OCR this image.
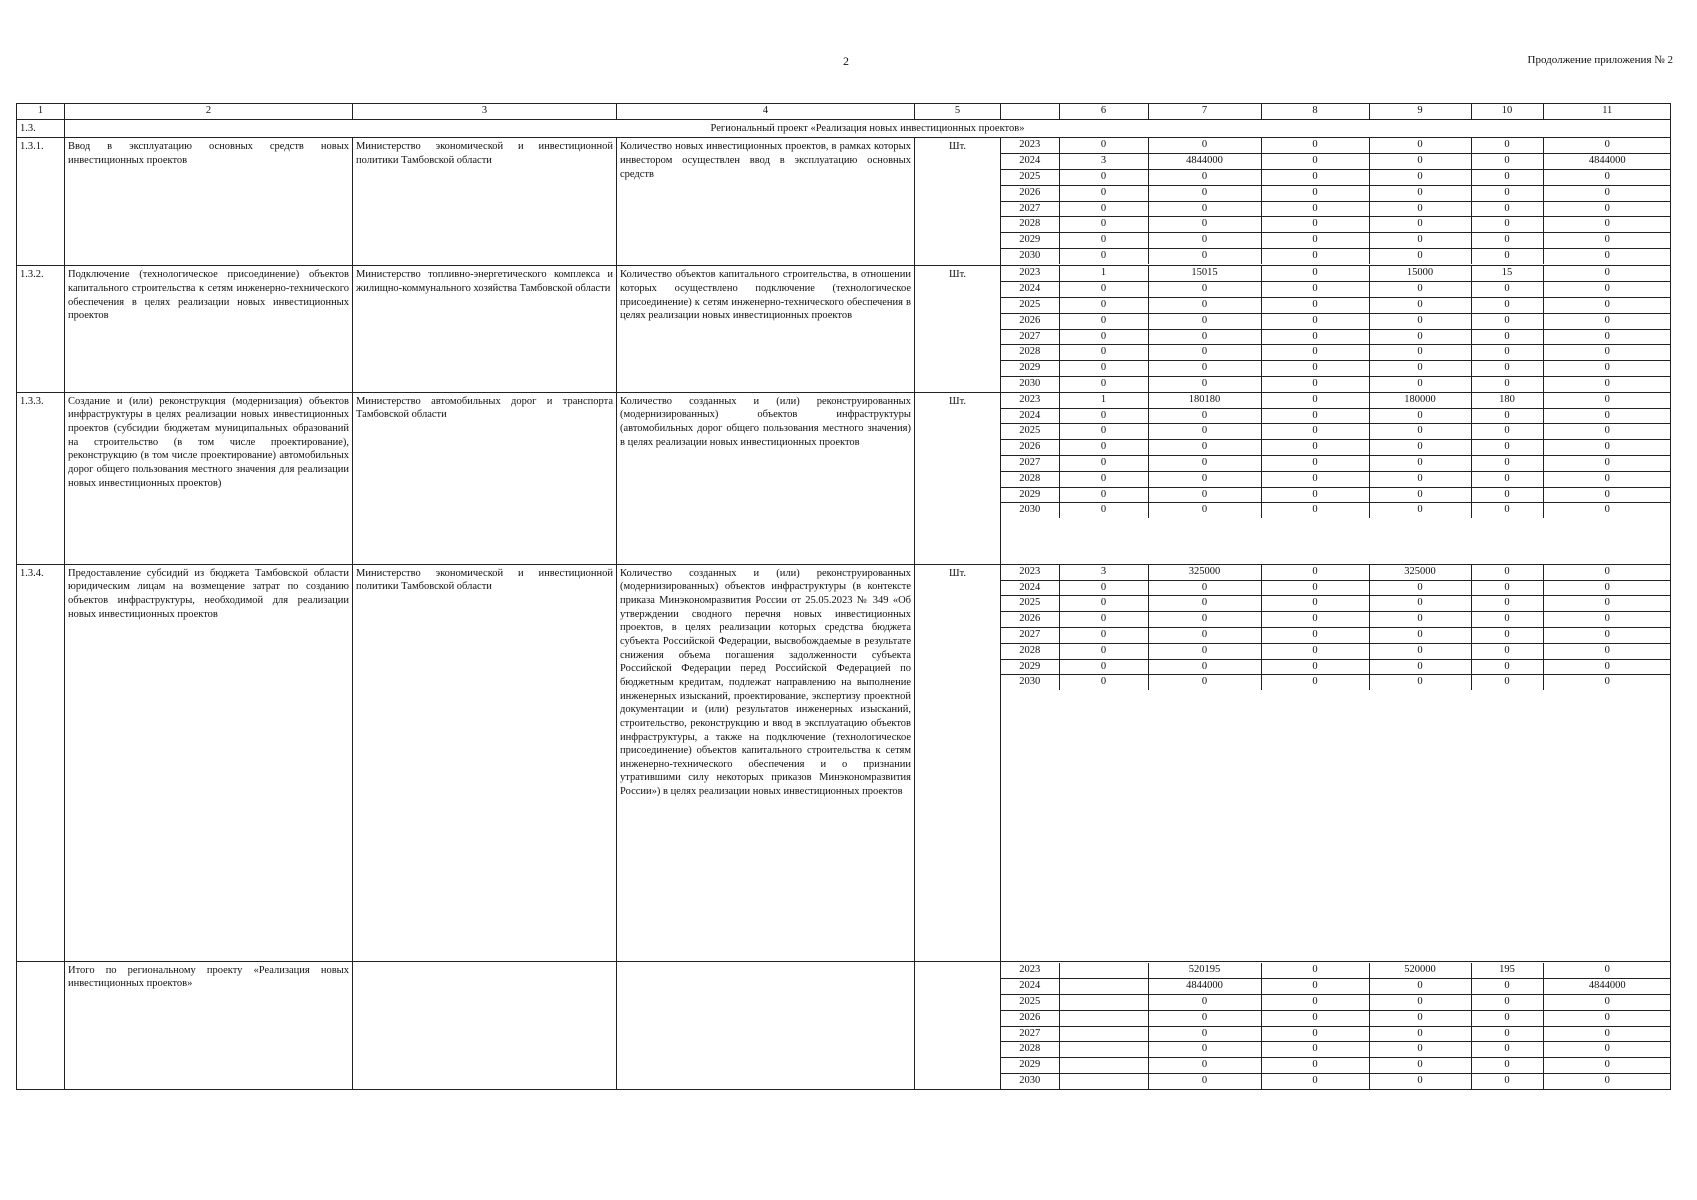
2	Продолжение приложения № 2
1	2	3	4	5	
		6	7	8	9	10	11

1.3.	Региональный проект «Реализация новых инвестиционных проектов»
1.3.1.	Ввод в эксплуатацию основных средств новых инвестиционных проектов	Министерство экономической и инвестиционной политики Тамбовской области	Количество новых инвестиционных проектов, в рамках которых инвестором осуществлен ввод в эксплуатацию основных средств	Шт.		2023	0	0	0	0	0	0
2024	3	4844000	0	0	0	4844000
2025	0	0	0	0	0	0
2026	0	0	0	0	0	0
2027	0	0	0	0	0	0
2028	0	0	0	0	0	0
2029	0	0	0	0	0	0
2030	0	0	0	0	0	0

1.3.2.	Подключение (технологическое присоединение) объектов капитального строительства к сетям инженерно-технического обеспечения в целях реализации новых инвестиционных проектов	Министерство топливно-энергетического комплекса и жилищно-коммунального хозяйства Тамбовской области	Количество объектов капитального строительства, в отношении которых осуществлено подключение (технологическое присоединение) к сетям инженерно-технического обеспечения в целях реализации новых инвестиционных проектов	Шт.		2023	1	15015	0	15000	15	0
2024	0	0	0	0	0	0
2025	0	0	0	0	0	0
2026	0	0	0	0	0	0
2027	0	0	0	0	0	0
2028	0	0	0	0	0	0
2029	0	0	0	0	0	0
2030	0	0	0	0	0	0

1.3.3.	Создание и (или) реконструкция (модернизация) объектов инфраструктуры в целях реализации новых инвестиционных проектов (субсидии бюджетам муниципальных образований на строительство (в том числе проектирование), реконструкцию (в том числе проектирование) автомобильных дорог общего пользования местного значения для реализации новых инвестиционных проектов)	Министерство автомобильных дорог и транспорта Тамбовской области	Количество созданных и (или) реконструированных (модернизированных) объектов инфраструктуры (автомобильных дорог общего пользования местного значения) в целях реализации новых инвестиционных проектов	Шт.		2023	1	180180	0	180000	180	0
2024	0	0	0	0	0	0
2025	0	0	0	0	0	0
2026	0	0	0	0	0	0
2027	0	0	0	0	0	0
2028	0	0	0	0	0	0
2029	0	0	0	0	0	0
2030	0	0	0	0	0	0

1.3.4.	Предоставление субсидий из бюджета Тамбовской области юридическим лицам на возмещение затрат по созданию объектов инфраструктуры, необходимой для реализации новых инвестиционных проектов	Министерство экономической и инвестиционной политики Тамбовской области	Количество созданных и (или) реконструированных (модернизированных) объектов инфраструктуры (в контексте приказа Минэкономразвития России от 25.05.2023 № 349 «Об утверждении сводного перечня новых инвестиционных проектов, в целях реализации которых средства бюджета субъекта Российской Федерации, высвобождаемые в результате снижения объема погашения задолженности субъекта Российской Федерации перед Российской Федерацией по бюджетным кредитам, подлежат направлению на выполнение инженерных изысканий, проектирование, экспертизу проектной документации и (или) результатов инженерных изысканий, строительство, реконструкцию и ввод в эксплуатацию объектов инфраструктуры, а также на подключение (технологическое присоединение) объектов капитального строительства к сетям инженерно-технического обеспечения и о признании утратившими силу некоторых приказов Минэкономразвития России») в целях реализации новых инвестиционных проектов	Шт.		2023	3	325000	0	325000	0	0
2024	0	0	0	0	0	0
2025	0	0	0	0	0	0
2026	0	0	0	0	0	0
2027	0	0	0	0	0	0
2028	0	0	0	0	0	0
2029	0	0	0	0	0	0
2030	0	0	0	0	0	0

	Итого по региональному проекту «Реализация новых инвестиционных проектов»				
2023		520195	0	520000	195	0
2024		4844000	0	0	0	4844000
2025		0	0	0	0	0
2026		0	0	0	0	0
2027		0	0	0	0	0
2028		0	0	0	0	0
2029		0	0	0	0	0
2030		0	0	0	0	0
